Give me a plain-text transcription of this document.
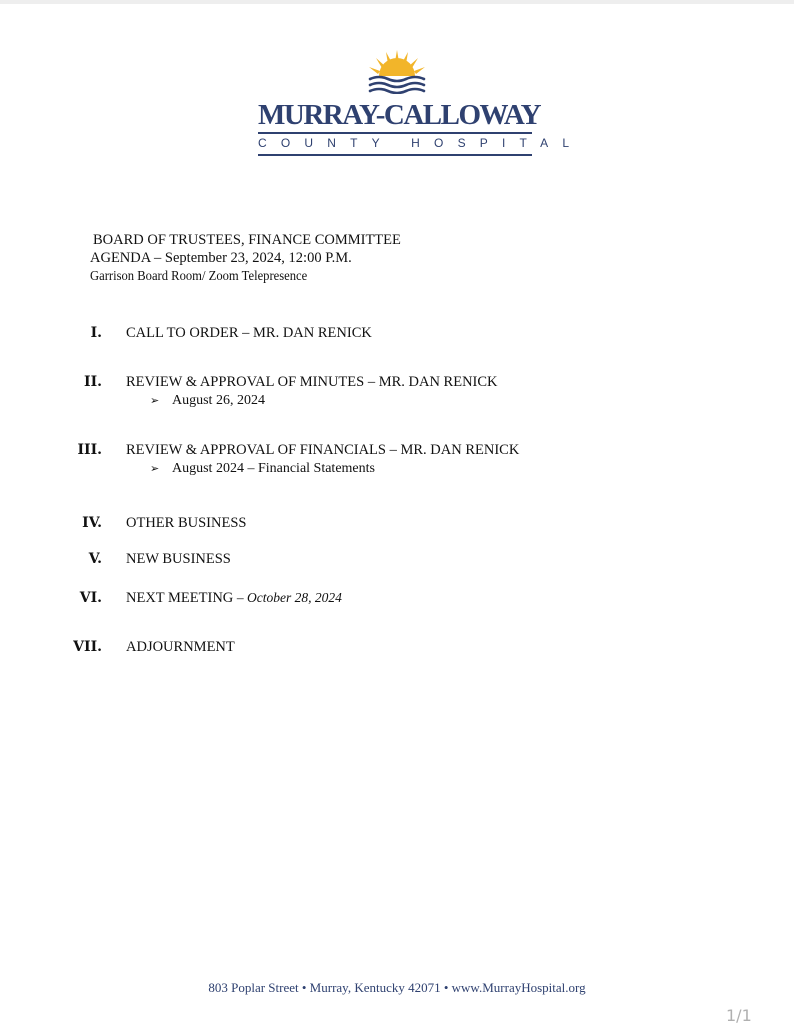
MURRAY-CALLOWAY
COUNTY HOSPITAL
BOARD OF TRUSTEES, FINANCE COMMITTEE
AGENDA – September 23, 2024, 12:00 P.M.
Garrison Board Room/ Zoom Telepresence
I. CALL TO ORDER – MR. DAN RENICK
II. REVIEW & APPROVAL OF MINUTES – MR. DAN RENICK
➢ August 26, 2024
III. REVIEW & APPROVAL OF FINANCIALS – MR. DAN RENICK
➢ August 2024 – Financial Statements
IV. OTHER BUSINESS
V. NEW BUSINESS
VI. NEXT MEETING – October 28, 2024
VII. ADJOURNMENT
803 Poplar Street • Murray, Kentucky 42071 • www.MurrayHospital.org
1/1
